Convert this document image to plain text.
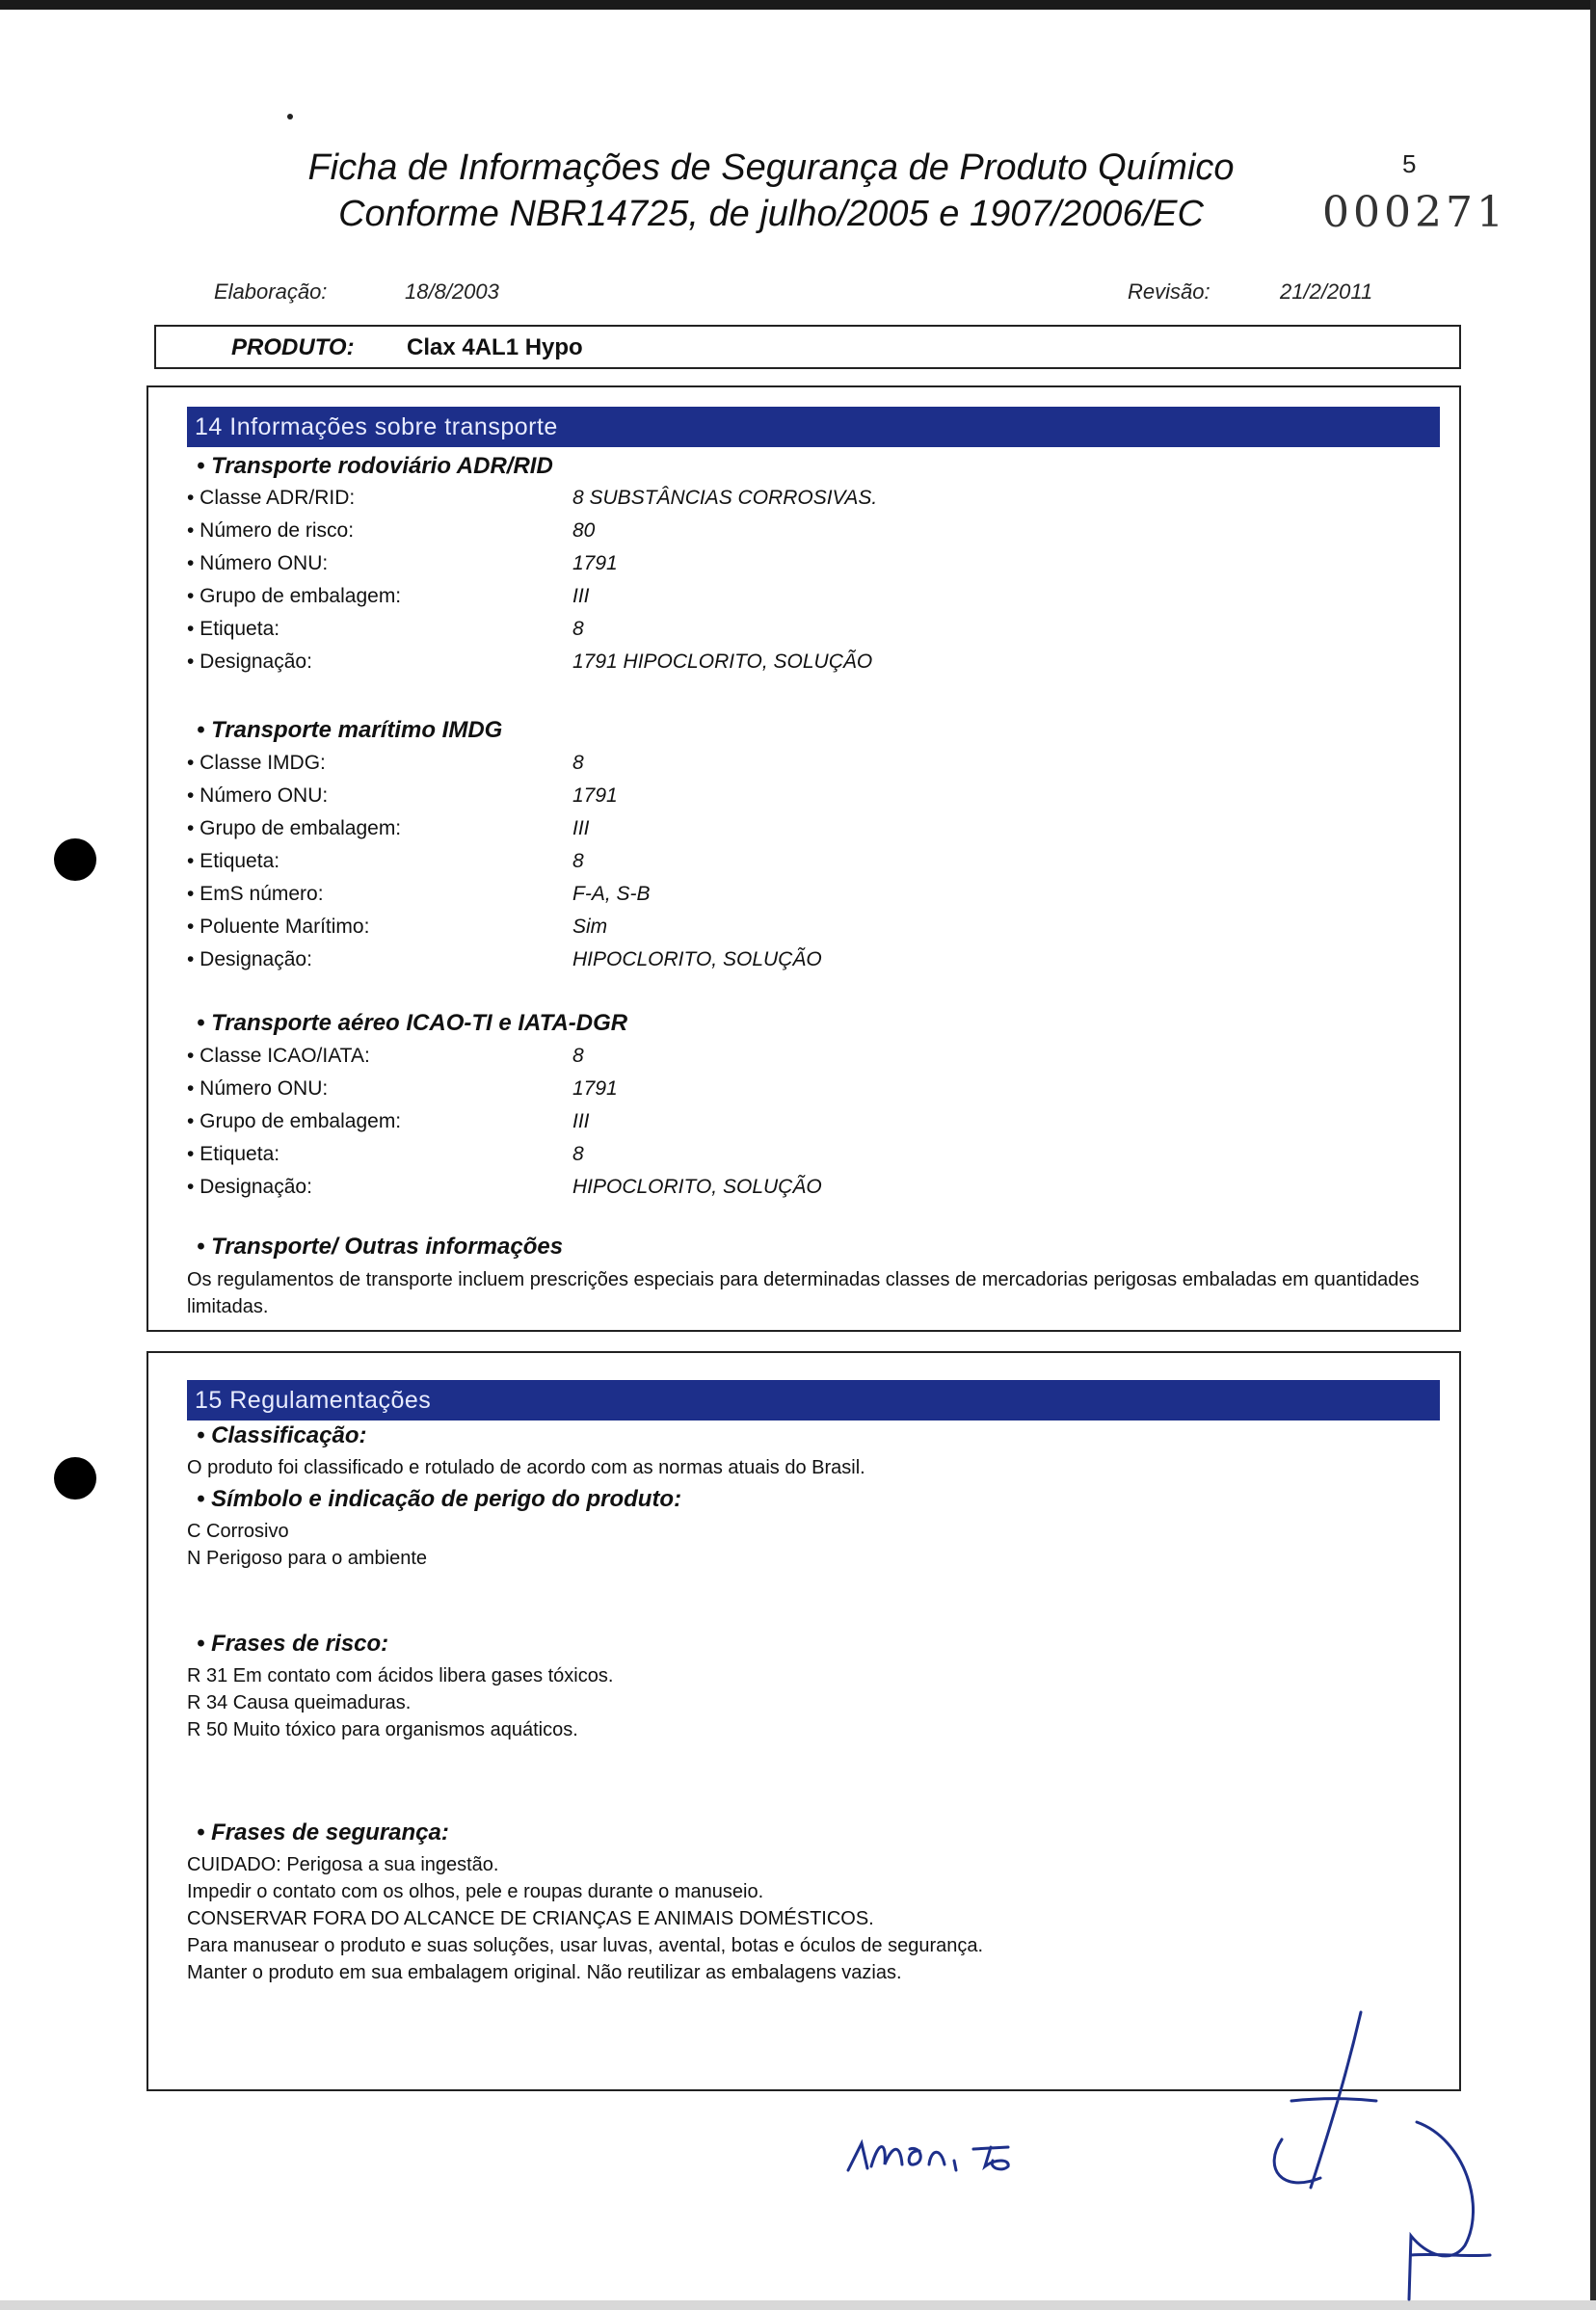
Ficha de Informações de Segurança de Produto Químico
Conforme NBR14725, de julho/2005 e 1907/2006/EC
5
000271
Elaboração:	18/8/2003	Revisão:	21/2/2011
PRODUTO: Clax 4AL1 Hypo
14 Informações sobre transporte
• Transporte rodoviário ADR/RID
• Classe ADR/RID:	8 SUBSTÂNCIAS CORROSIVAS.
• Número de risco:	80
• Número ONU:	1791
• Grupo de embalagem:	III
• Etiqueta:	8
• Designação:	1791 HIPOCLORITO, SOLUÇÃO
• Transporte marítimo IMDG
• Classe IMDG:	8
• Número ONU:	1791
• Grupo de embalagem:	III
• Etiqueta:	8
• EmS número:	F-A, S-B
• Poluente Marítimo:	Sim
• Designação:	HIPOCLORITO, SOLUÇÃO
• Transporte aéreo ICAO-TI e IATA-DGR
• Classe ICAO/IATA:	8
• Número ONU:	1791
• Grupo de embalagem:	III
• Etiqueta:	8
• Designação:	HIPOCLORITO, SOLUÇÃO
• Transporte/ Outras informações
Os regulamentos de transporte incluem prescrições especiais para determinadas classes de mercadorias perigosas embaladas em quantidades limitadas.
15 Regulamentações
• Classificação:
O produto foi classificado e rotulado de acordo com as normas atuais do Brasil.
• Símbolo e indicação de perigo do produto:
C Corrosivo
N Perigoso para o ambiente
• Frases de risco:
R 31 Em contato com ácidos libera gases tóxicos.
R 34 Causa queimaduras.
R 50 Muito tóxico para organismos aquáticos.
• Frases de segurança:
CUIDADO: Perigosa a sua ingestão.
Impedir o contato com os olhos, pele e roupas durante o manuseio.
CONSERVAR FORA DO ALCANCE DE CRIANÇAS E ANIMAIS DOMÉSTICOS.
Para manusear o produto e suas soluções, usar luvas, avental, botas e óculos de segurança.
Manter o produto em sua embalagem original. Não reutilizar as embalagens vazias.
